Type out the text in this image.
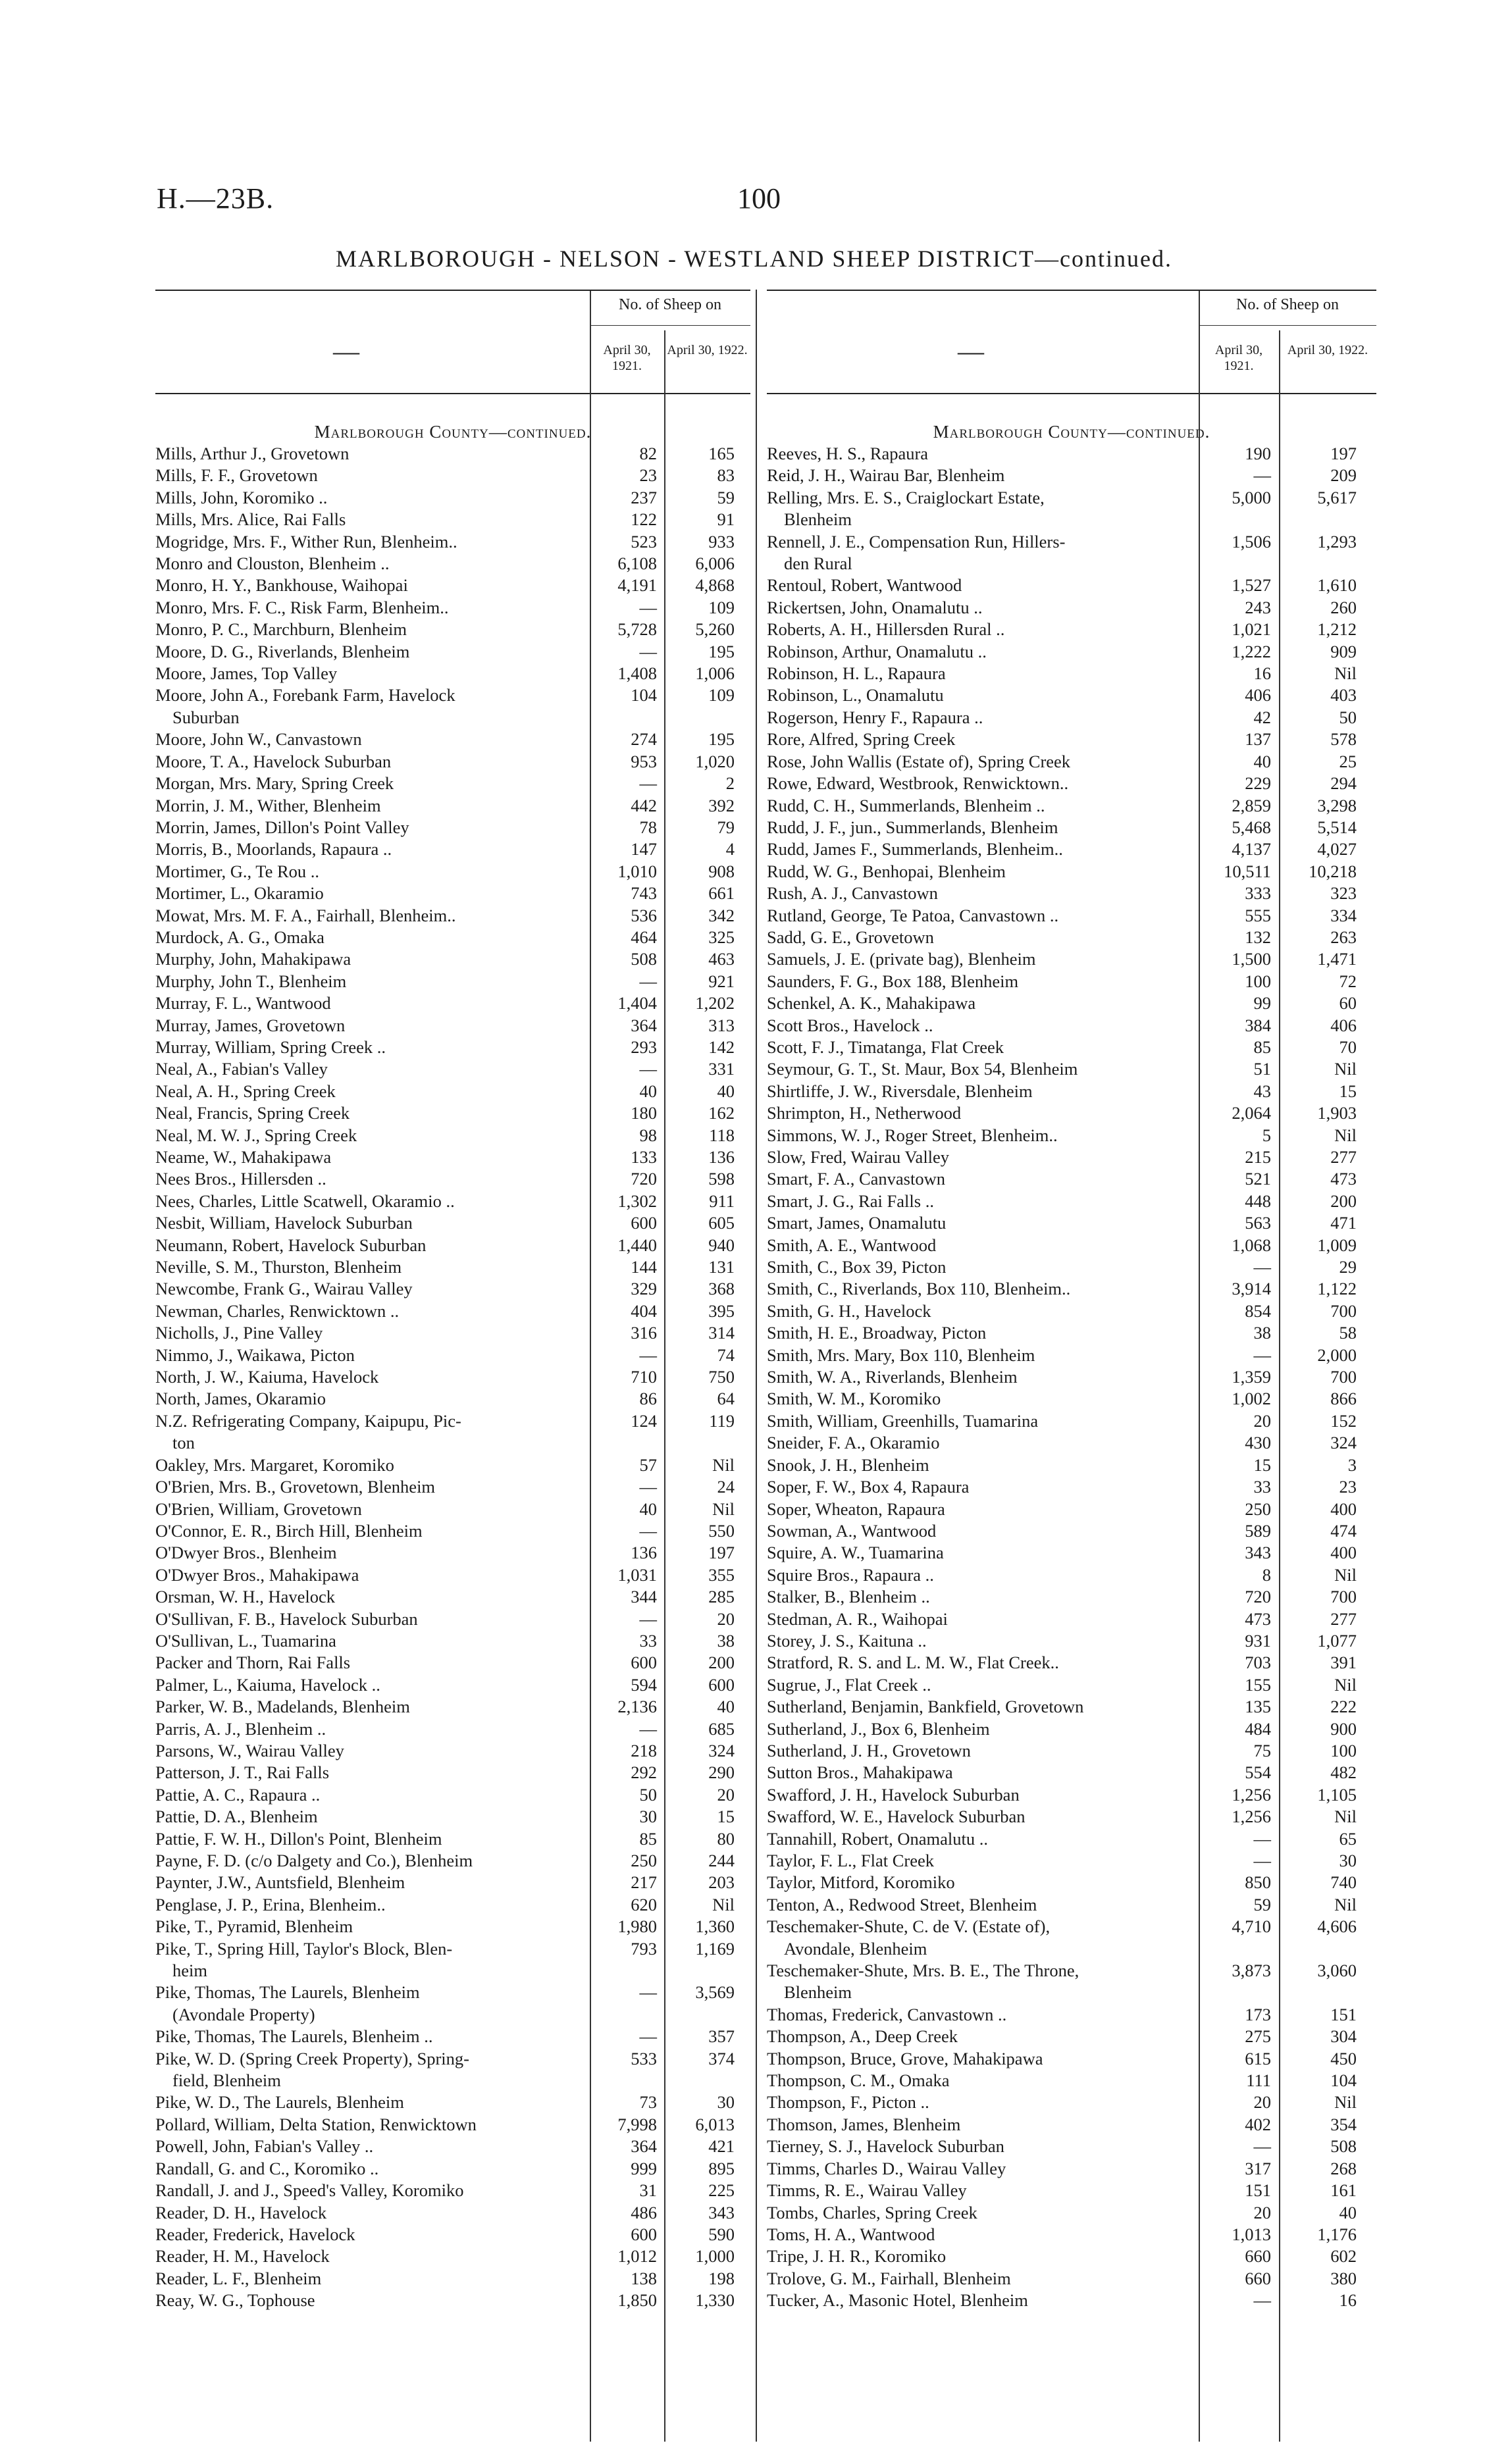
H.—23B.	100
MARLBOROUGH - NELSON - WESTLAND SHEEP DISTRICT—continued.
—
No. of Sheep on
April 30, 1921.
April 30, 1922.
Marlborough County—continued.
Mills, Arthur J., Grovetown	82	165
Mills, F. F., Grovetown	23	83
Mills, John, Koromiko ..	237	59
Mills, Mrs. Alice, Rai Falls	122	91
Mogridge, Mrs. F., Wither Run, Blenheim..	523	933
Monro and Clouston, Blenheim ..	6,108	6,006
Monro, H. Y., Bankhouse, Waihopai	4,191	4,868
Monro, Mrs. F. C., Risk Farm, Blenheim..	—	109
Monro, P. C., Marchburn, Blenheim	5,728	5,260
Moore, D. G., Riverlands, Blenheim	—	195
Moore, James, Top Valley	1,408	1,006
Moore, John A., Forebank Farm, Havelock	104	109
Suburban
Moore, John W., Canvastown	274	195
Moore, T. A., Havelock Suburban	953	1,020
Morgan, Mrs. Mary, Spring Creek	—	2
Morrin, J. M., Wither, Blenheim	442	392
Morrin, James, Dillon's Point Valley	78	79
Morris, B., Moorlands, Rapaura ..	147	4
Mortimer, G., Te Rou ..	1,010	908
Mortimer, L., Okaramio	743	661
Mowat, Mrs. M. F. A., Fairhall, Blenheim..	536	342
Murdock, A. G., Omaka	464	325
Murphy, John, Mahakipawa	508	463
Murphy, John T., Blenheim	—	921
Murray, F. L., Wantwood	1,404	1,202
Murray, James, Grovetown	364	313
Murray, William, Spring Creek ..	293	142
Neal, A., Fabian's Valley	—	331
Neal, A. H., Spring Creek	40	40
Neal, Francis, Spring Creek	180	162
Neal, M. W. J., Spring Creek	98	118
Neame, W., Mahakipawa	133	136
Nees Bros., Hillersden ..	720	598
Nees, Charles, Little Scatwell, Okaramio ..	1,302	911
Nesbit, William, Havelock Suburban	600	605
Neumann, Robert, Havelock Suburban	1,440	940
Neville, S. M., Thurston, Blenheim	144	131
Newcombe, Frank G., Wairau Valley	329	368
Newman, Charles, Renwicktown ..	404	395
Nicholls, J., Pine Valley	316	314
Nimmo, J., Waikawa, Picton	—	74
North, J. W., Kaiuma, Havelock	710	750
North, James, Okaramio	86	64
N.Z. Refrigerating Company, Kaipupu, Pic-	124	119
ton
Oakley, Mrs. Margaret, Koromiko	57	Nil
O'Brien, Mrs. B., Grovetown, Blenheim	—	24
O'Brien, William, Grovetown	40	Nil
O'Connor, E. R., Birch Hill, Blenheim	—	550
O'Dwyer Bros., Blenheim	136	197
O'Dwyer Bros., Mahakipawa	1,031	355
Orsman, W. H., Havelock	344	285
O'Sullivan, F. B., Havelock Suburban	—	20
O'Sullivan, L., Tuamarina	33	38
Packer and Thorn, Rai Falls	600	200
Palmer, L., Kaiuma, Havelock ..	594	600
Parker, W. B., Madelands, Blenheim	2,136	40
Parris, A. J., Blenheim ..	—	685
Parsons, W., Wairau Valley	218	324
Patterson, J. T., Rai Falls	292	290
Pattie, A. C., Rapaura ..	50	20
Pattie, D. A., Blenheim	30	15
Pattie, F. W. H., Dillon's Point, Blenheim	85	80
Payne, F. D. (c/o Dalgety and Co.), Blenheim	250	244
Paynter, J.W., Auntsfield, Blenheim	217	203
Penglase, J. P., Erina, Blenheim..	620	Nil
Pike, T., Pyramid, Blenheim	1,980	1,360
Pike, T., Spring Hill, Taylor's Block, Blen-	793	1,169
heim
Pike, Thomas, The Laurels, Blenheim	—	3,569
(Avondale Property)
Pike, Thomas, The Laurels, Blenheim ..	—	357
Pike, W. D. (Spring Creek Property), Spring-	533	374
field, Blenheim
Pike, W. D., The Laurels, Blenheim	73	30
Pollard, William, Delta Station, Renwicktown	7,998	6,013
Powell, John, Fabian's Valley ..	364	421
Randall, G. and C., Koromiko ..	999	895
Randall, J. and J., Speed's Valley, Koromiko	31	225
Reader, D. H., Havelock	486	343
Reader, Frederick, Havelock	600	590
Reader, H. M., Havelock	1,012	1,000
Reader, L. F., Blenheim	138	198
Reay, W. G., Tophouse	1,850	1,330
—
No. of Sheep on
April 30, 1921.
April 30, 1922.
Marlborough County—continued.
Reeves, H. S., Rapaura	190	197
Reid, J. H., Wairau Bar, Blenheim	—	209
Relling, Mrs. E. S., Craiglockart Estate,	5,000	5,617
Blenheim
Rennell, J. E., Compensation Run, Hillers-	1,506	1,293
den Rural
Rentoul, Robert, Wantwood	1,527	1,610
Rickertsen, John, Onamalutu ..	243	260
Roberts, A. H., Hillersden Rural ..	1,021	1,212
Robinson, Arthur, Onamalutu ..	1,222	909
Robinson, H. L., Rapaura	16	Nil
Robinson, L., Onamalutu	406	403
Rogerson, Henry F., Rapaura ..	42	50
Rore, Alfred, Spring Creek	137	578
Rose, John Wallis (Estate of), Spring Creek	40	25
Rowe, Edward, Westbrook, Renwicktown..	229	294
Rudd, C. H., Summerlands, Blenheim ..	2,859	3,298
Rudd, J. F., jun., Summerlands, Blenheim	5,468	5,514
Rudd, James F., Summerlands, Blenheim..	4,137	4,027
Rudd, W. G., Benhopai, Blenheim	10,511	10,218
Rush, A. J., Canvastown	333	323
Rutland, George, Te Patoa, Canvastown ..	555	334
Sadd, G. E., Grovetown	132	263
Samuels, J. E. (private bag), Blenheim	1,500	1,471
Saunders, F. G., Box 188, Blenheim	100	72
Schenkel, A. K., Mahakipawa	99	60
Scott Bros., Havelock ..	384	406
Scott, F. J., Timatanga, Flat Creek	85	70
Seymour, G. T., St. Maur, Box 54, Blenheim	51	Nil
Shirtliffe, J. W., Riversdale, Blenheim	43	15
Shrimpton, H., Netherwood	2,064	1,903
Simmons, W. J., Roger Street, Blenheim..	5	Nil
Slow, Fred, Wairau Valley	215	277
Smart, F. A., Canvastown	521	473
Smart, J. G., Rai Falls ..	448	200
Smart, James, Onamalutu	563	471
Smith, A. E., Wantwood	1,068	1,009
Smith, C., Box 39, Picton	—	29
Smith, C., Riverlands, Box 110, Blenheim..	3,914	1,122
Smith, G. H., Havelock	854	700
Smith, H. E., Broadway, Picton	38	58
Smith, Mrs. Mary, Box 110, Blenheim	—	2,000
Smith, W. A., Riverlands, Blenheim	1,359	700
Smith, W. M., Koromiko	1,002	866
Smith, William, Greenhills, Tuamarina	20	152
Sneider, F. A., Okaramio	430	324
Snook, J. H., Blenheim	15	3
Soper, F. W., Box 4, Rapaura	33	23
Soper, Wheaton, Rapaura	250	400
Sowman, A., Wantwood	589	474
Squire, A. W., Tuamarina	343	400
Squire Bros., Rapaura ..	8	Nil
Stalker, B., Blenheim ..	720	700
Stedman, A. R., Waihopai	473	277
Storey, J. S., Kaituna ..	931	1,077
Stratford, R. S. and L. M. W., Flat Creek..	703	391
Sugrue, J., Flat Creek ..	155	Nil
Sutherland, Benjamin, Bankfield, Grovetown	135	222
Sutherland, J., Box 6, Blenheim	484	900
Sutherland, J. H., Grovetown	75	100
Sutton Bros., Mahakipawa	554	482
Swafford, J. H., Havelock Suburban	1,256	1,105
Swafford, W. E., Havelock Suburban	1,256	Nil
Tannahill, Robert, Onamalutu ..	—	65
Taylor, F. L., Flat Creek	—	30
Taylor, Mitford, Koromiko	850	740
Tenton, A., Redwood Street, Blenheim	59	Nil
Teschemaker-Shute, C. de V. (Estate of),	4,710	4,606
Avondale, Blenheim
Teschemaker-Shute, Mrs. B. E., The Throne,	3,873	3,060
Blenheim
Thomas, Frederick, Canvastown ..	173	151
Thompson, A., Deep Creek	275	304
Thompson, Bruce, Grove, Mahakipawa	615	450
Thompson, C. M., Omaka	111	104
Thompson, F., Picton ..	20	Nil
Thomson, James, Blenheim	402	354
Tierney, S. J., Havelock Suburban	—	508
Timms, Charles D., Wairau Valley	317	268
Timms, R. E., Wairau Valley	151	161
Tombs, Charles, Spring Creek	20	40
Toms, H. A., Wantwood	1,013	1,176
Tripe, J. H. R., Koromiko	660	602
Trolove, G. M., Fairhall, Blenheim	660	380
Tucker, A., Masonic Hotel, Blenheim	—	16
